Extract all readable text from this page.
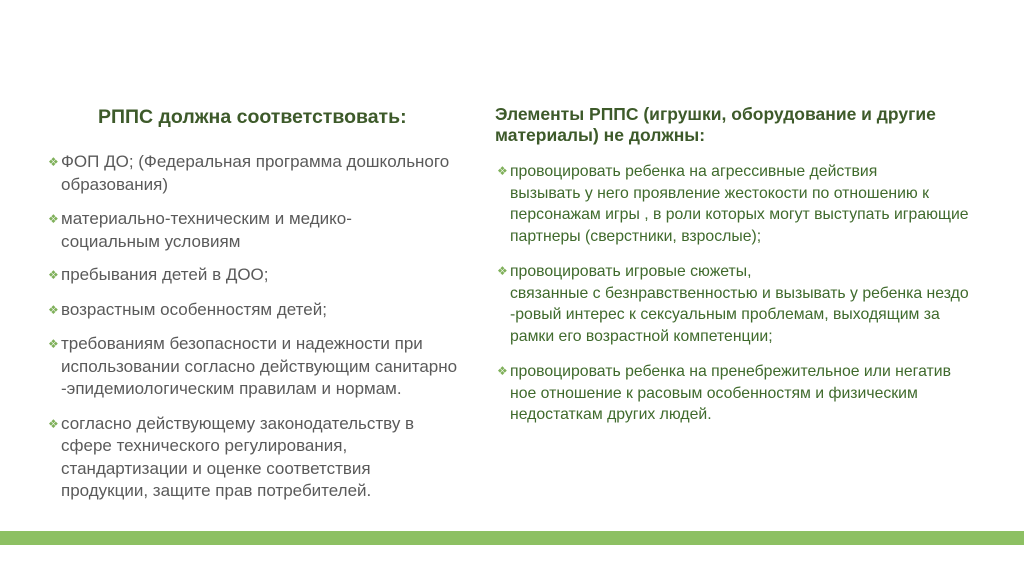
РППС должна соответствовать:	Элементы РППС (игрушки, оборудование и другие материалы) не должны:
❖ ФОП ДО; (Федеральная программа дошкольного
образования)
❖ материально-техническим и медико-
социальным условиям
❖ пребывания детей в ДОО;
❖ возрастным особенностям детей;
❖ требованиям безопасности и надежности при
использовании согласно действующим санитарно
-эпидемиологическим правилам и нормам.
❖ согласно действующему законодательству в
сфере технического регулирования,
стандартизации и оценке соответствия
продукции, защите прав потребителей.
❖ провоцировать ребенка на агрессивные действия
вызывать у него проявление жестокости по отношению к
персонажам игры , в роли которых могут выступать играющие
партнеры (сверстники, взрослые);
❖ провоцировать игровые сюжеты,
связанные с безнравственностью и вызывать у ребенка нездо
-ровый интерес к сексуальным проблемам, выходящим за
рамки его возрастной компетенции;
❖ провоцировать ребенка на пренебрежительное или негатив
ное отношение к расовым особенностям и физическим
недостаткам других людей.
